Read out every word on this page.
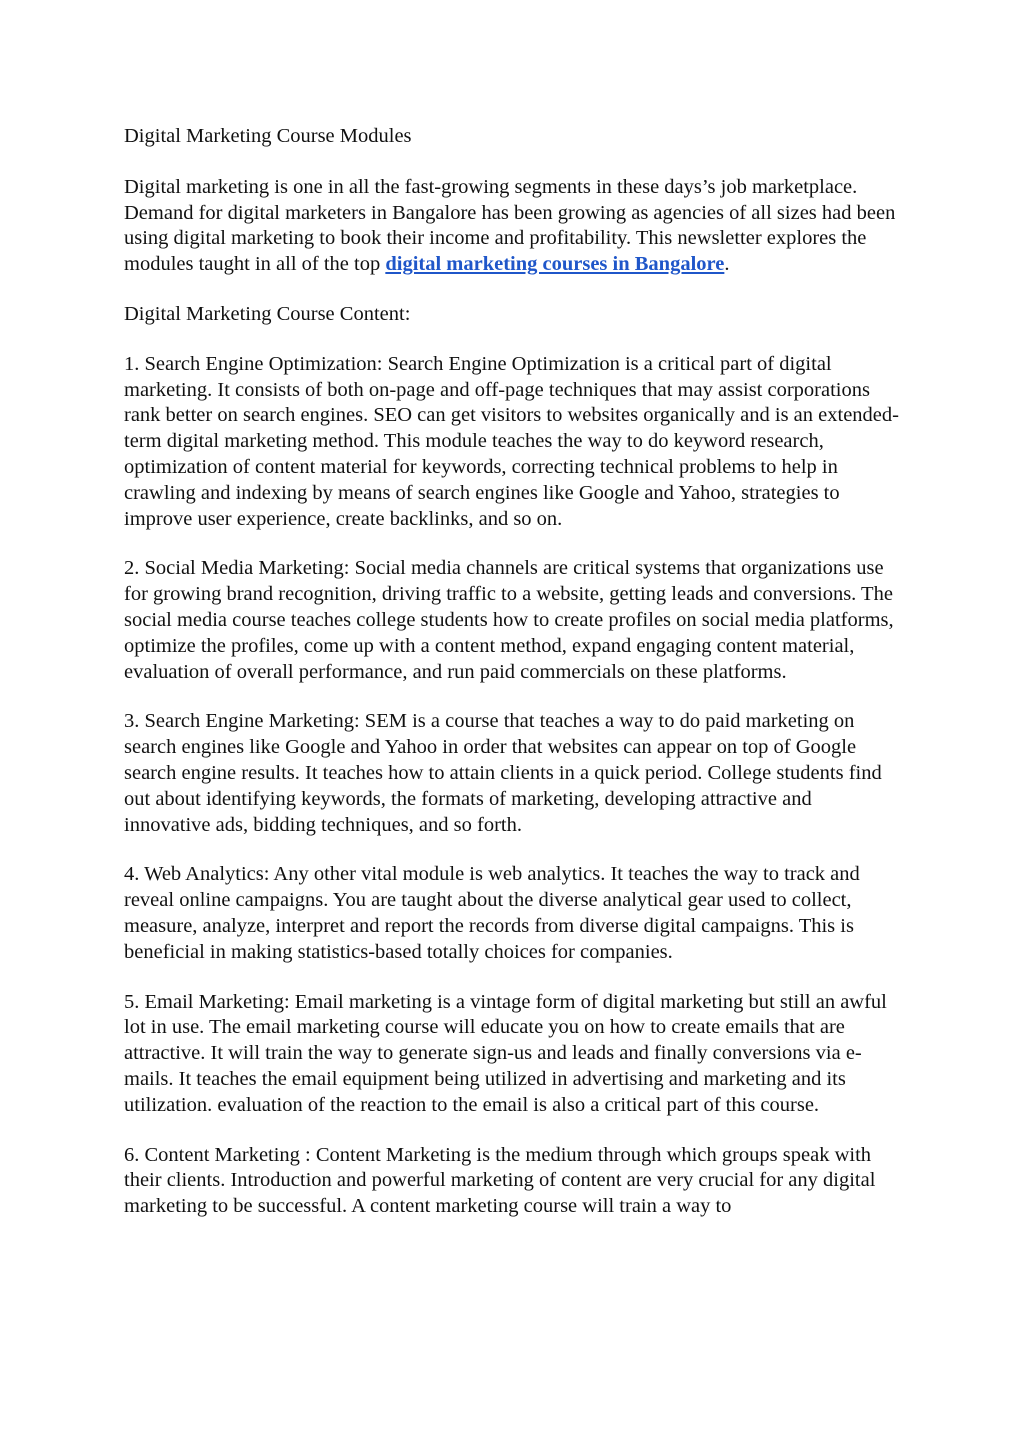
Digital Marketing Course Modules

Digital marketing is one in all the fast-growing segments in these days’s job marketplace. Demand for digital marketers in Bangalore has been growing as agencies of all sizes had been using digital marketing to book their income and profitability. This newsletter explores the modules taught in all of the top digital marketing courses in Bangalore.

Digital Marketing Course Content:

1. Search Engine Optimization: Search Engine Optimization is a critical part of digital marketing. It consists of both on-page and off-page techniques that may assist corporations rank better on search engines. SEO can get visitors to websites organically and is an extended-term digital marketing method. This module teaches the way to do keyword research, optimization of content material for keywords, correcting technical problems to help in crawling and indexing by means of search engines like Google and Yahoo, strategies to improve user experience, create backlinks, and so on.

2. Social Media Marketing: Social media channels are critical systems that organizations use for growing brand recognition, driving traffic to a website, getting leads and conversions. The social media course teaches college students how to create profiles on social media platforms, optimize the profiles, come up with a content method, expand engaging content material, evaluation of overall performance, and run paid commercials on these platforms.

3. Search Engine Marketing: SEM is a course that teaches a way to do paid marketing on search engines like Google and Yahoo in order that websites can appear on top of Google search engine results. It teaches how to attain clients in a quick period. College students find out about identifying keywords, the formats of marketing, developing attractive and innovative ads, bidding techniques, and so forth.

4. Web Analytics: Any other vital module is web analytics. It teaches the way to track and reveal online campaigns. You are taught about the diverse analytical gear used to collect, measure, analyze, interpret and report the records from diverse digital campaigns. This is beneficial in making statistics-based totally choices for companies.

5. Email Marketing: Email marketing is a vintage form of digital marketing but still an awful lot in use. The email marketing course will educate you on how to create emails that are attractive. It will train the way to generate sign-us and leads and finally conversions via e-mails. It teaches the email equipment being utilized in advertising and marketing and its utilization. evaluation of the reaction to the email is also a critical part of this course.

6. Content Marketing : Content Marketing is the medium through which groups speak with their clients. Introduction and powerful marketing of content are very crucial for any digital marketing to be successful. A content marketing course will train a way to
